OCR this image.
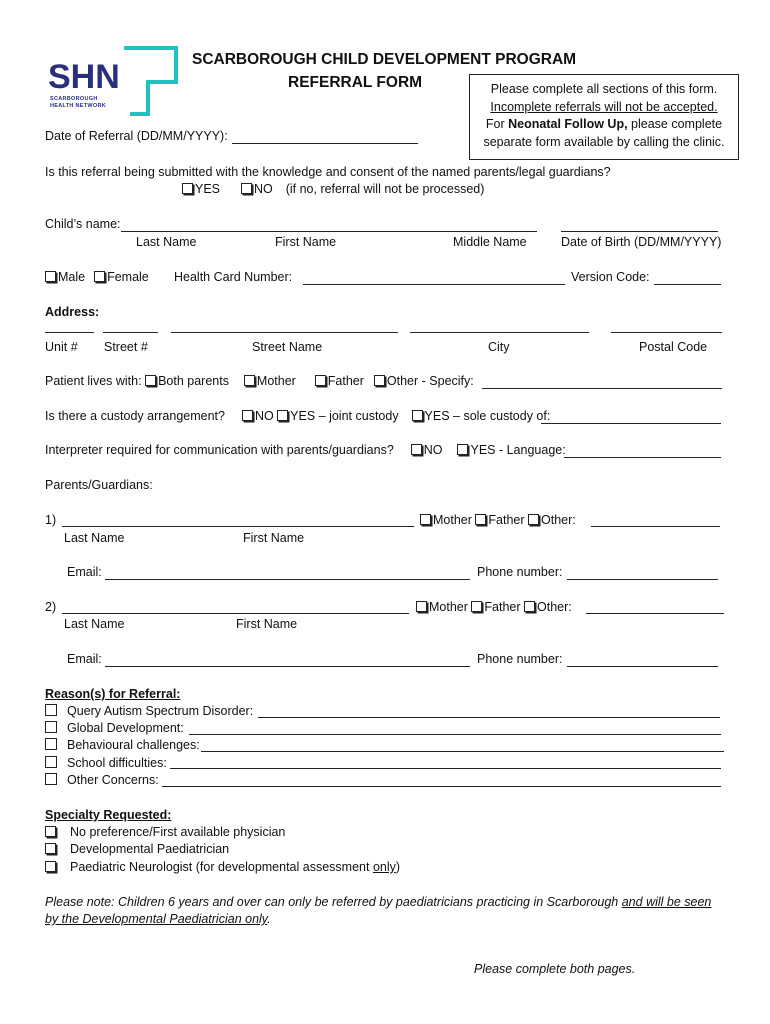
SHN
SCARBOROUGH
HEALTH NETWORK
SCARBOROUGH CHILD DEVELOPMENT PROGRAM
REFERRAL FORM	Please complete all sections of this form.
Incomplete referrals will not be accepted.
For Neonatal Follow Up, please complete
separate form available by calling the clinic.
Date of Referral (DD/MM/YYYY):
Is this referral being submitted with the knowledge and consent of the named parents/legal guardians?
YES	NO (if no, referral will not be processed)
Child’s name:
Last Name	First Name	Middle Name	Date of Birth (DD/MM/YYYY)
Male Female Health Card Number:	Version Code:
Address:
Unit # Street #	Street Name	City	Postal Code
Patient lives with: Both parents Mother	Father Other - Specify:
Is there a custody arrangement? NO YES – joint custody YES – sole custody of:
Interpreter required for communication with parents/guardians? NO YES - Language:
Parents/Guardians:
1)	Mother Father Other:
Last Name	First Name
Email:	Phone number:
2)	Mother Father Other:
Last Name	First Name
Email:	Phone number:
Reason(s) for Referral:
Query Autism Spectrum Disorder:
Global Development:
Behavioural challenges:
School difficulties:
Other Concerns:
Specialty Requested:
No preference/First available physician
Developmental Paediatrician
Paediatric Neurologist (for developmental assessment only)
Please note: Children 6 years and over can only be referred by paediatricians practicing in Scarborough and will be seen
by the Developmental Paediatrician only.
Please complete both pages.
